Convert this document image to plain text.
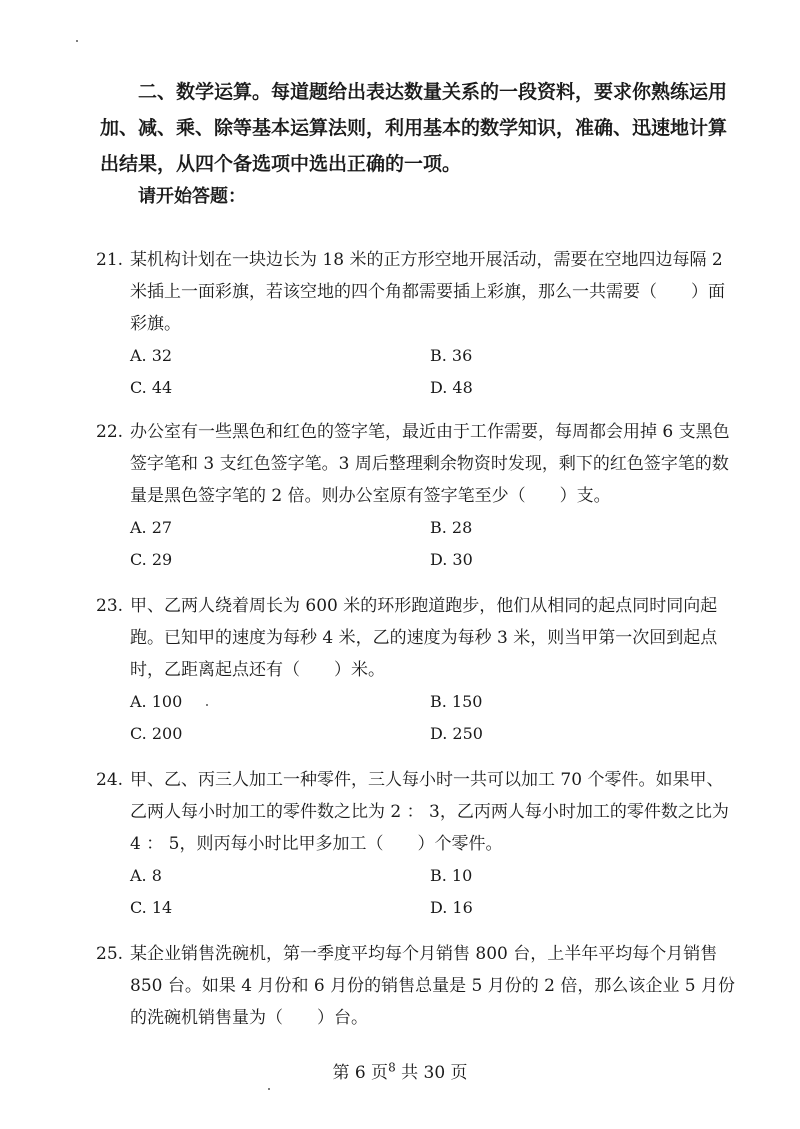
二、数学运算。每道题给出表达数量关系的一段资料，要求你熟练运用加、减、乘、除等基本运算法则，利用基本的数学知识，准确、迅速地计算出结果，从四个备选项中选出正确的一项。

请开始答题：

21. 某机构计划在一块边长为 18 米的正方形空地开展活动，需要在空地四边每隔 2 米插上一面彩旗，若该空地的四个角都需要插上彩旗，那么一共需要（　　）面彩旗。

A. 32	B. 36
C. 44	D. 48

22. 办公室有一些黑色和红色的签字笔，最近由于工作需要，每周都会用掉 6 支黑色签字笔和 3 支红色签字笔。3 周后整理剩余物资时发现，剩下的红色签字笔的数量是黑色签字笔的 2 倍。则办公室原有签字笔至少（　　）支。

A. 27	B. 28
C. 29	D. 30

23. 甲、乙两人绕着周长为 600 米的环形跑道跑步，他们从相同的起点同时同向起跑。已知甲的速度为每秒 4 米，乙的速度为每秒 3 米，则当甲第一次回到起点时，乙距离起点还有（　　）米。

A. 100	B. 150
C. 200	D. 250

24. 甲、乙、丙三人加工一种零件，三人每小时一共可以加工 70 个零件。如果甲、乙两人每小时加工的零件数之比为 2 ： 3，乙丙两人每小时加工的零件数之比为 4 ： 5，则丙每小时比甲多加工（　　）个零件。

A. 8	B. 10
C. 14	D. 16

25. 某企业销售洗碗机，第一季度平均每个月销售 800 台，上半年平均每个月销售 850 台。如果 4 月份和 6 月份的销售总量是 5 月份的 2 倍，那么该企业 5 月份的洗碗机销售量为（　　）台。

第 6 页$^8$ 共 30 页
